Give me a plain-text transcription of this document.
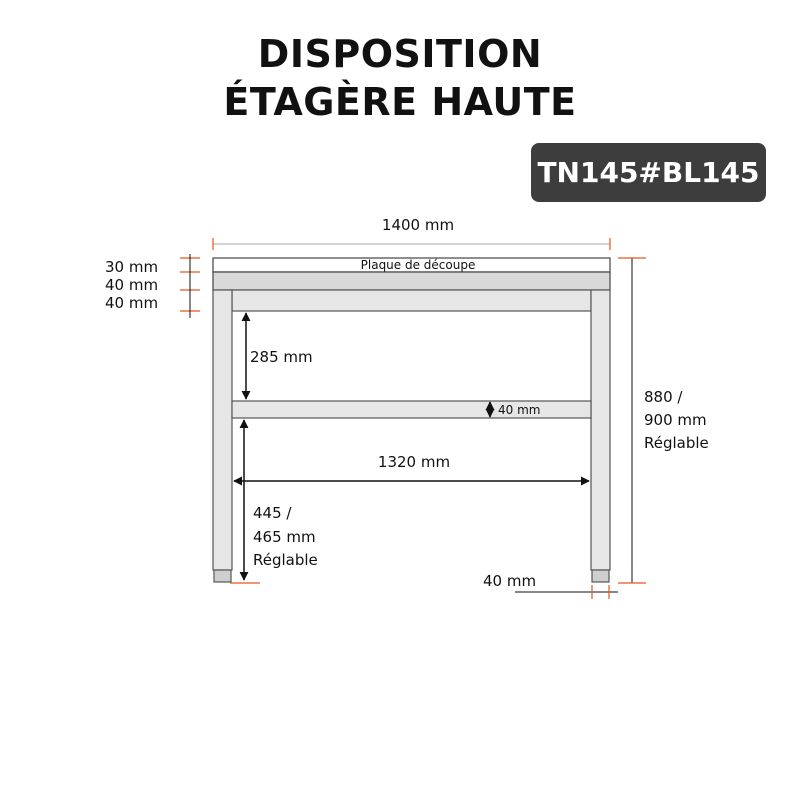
DISPOSITION
ÉTAGÈRE HAUTE
TN145#BL145
1400 mm
Plaque de découpe
30 mm
40 mm
40 mm
285 mm
40 mm
1320 mm
445 /
465 mm
Réglable
880 /
900 mm
Réglable
40 mm
